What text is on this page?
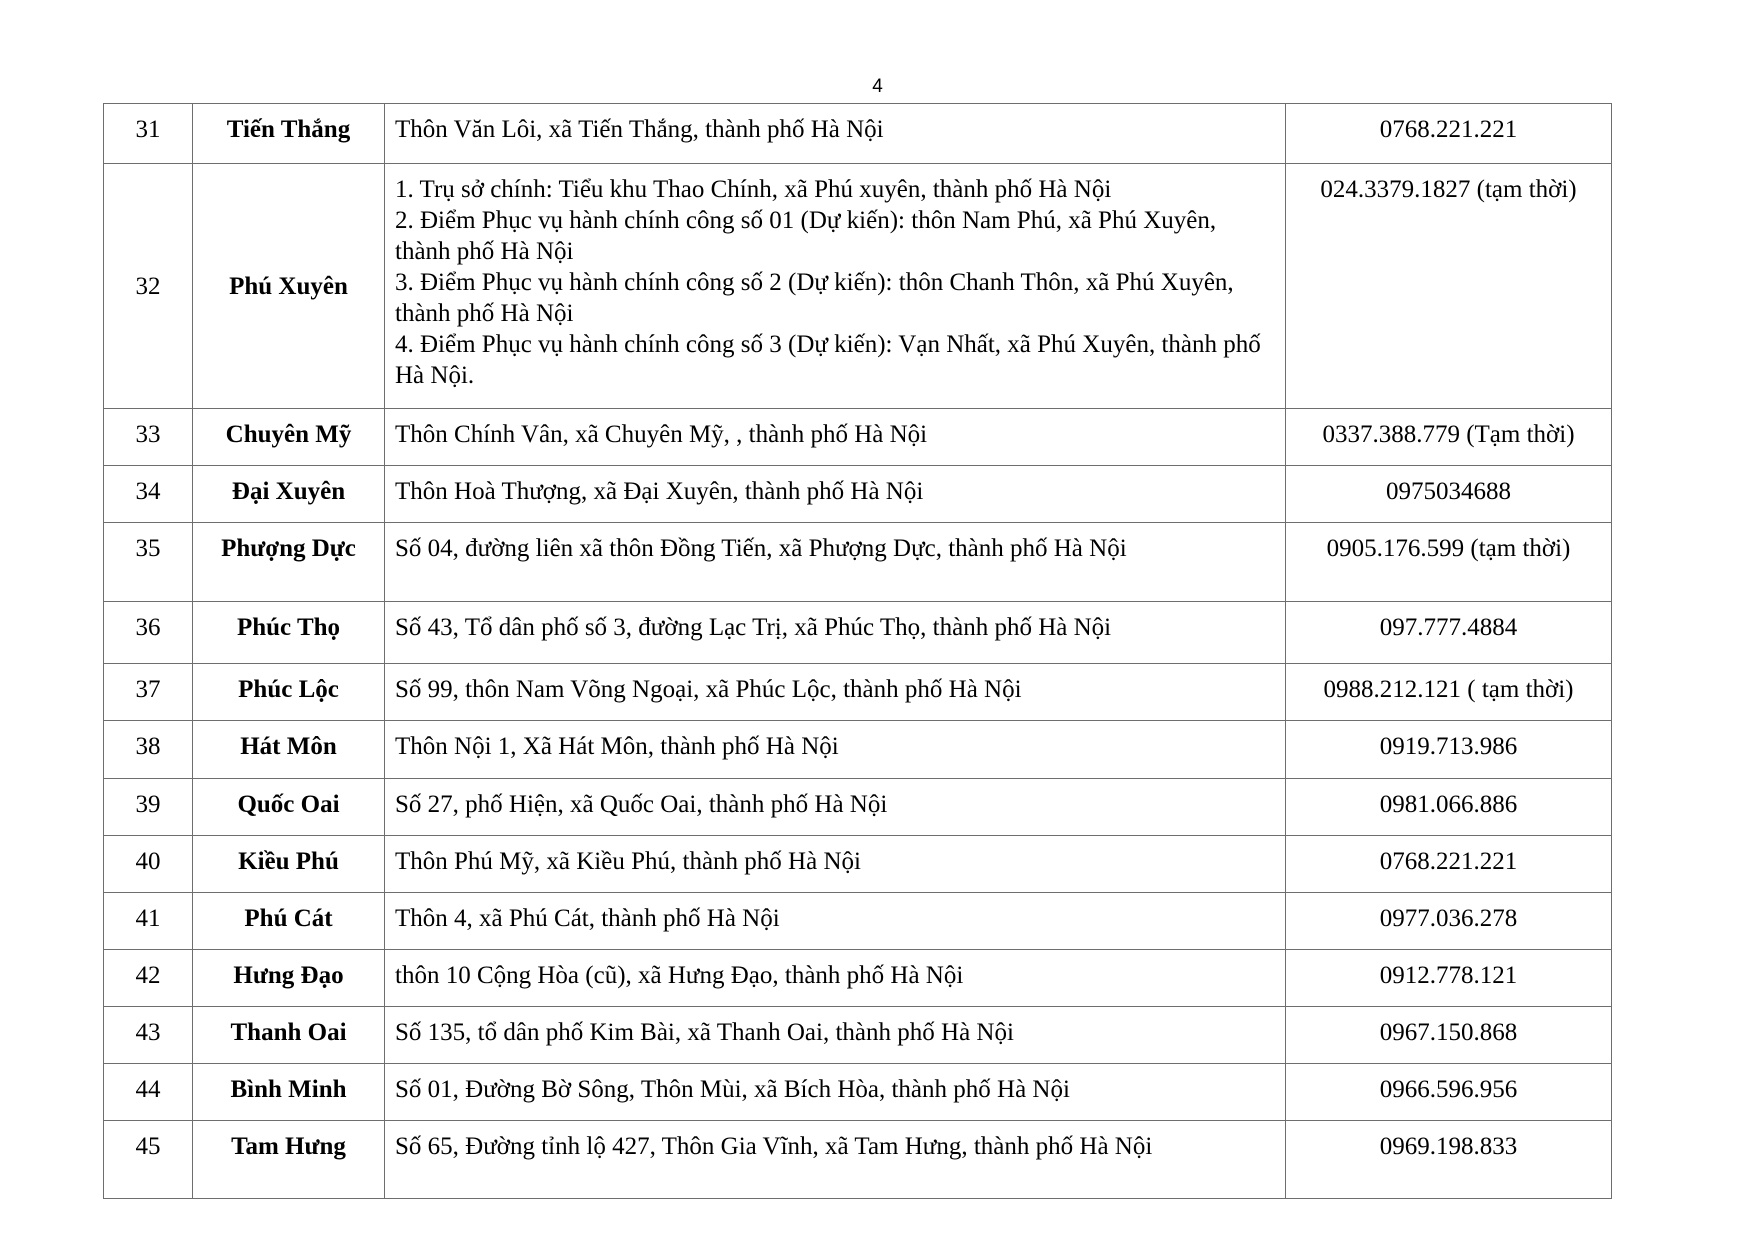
4
31	Tiến Thắng	Thôn Văn Lôi, xã Tiến Thắng, thành phố Hà Nội	0768.221.221
32	Phú Xuyên	1. Trụ sở chính: Tiểu khu Thao Chính, xã Phú xuyên, thành phố Hà Nội
2. Điểm Phục vụ hành chính công số 01 (Dự kiến): thôn Nam Phú, xã Phú Xuyên, thành phố Hà Nội
3. Điểm Phục vụ hành chính công số 2 (Dự kiến): thôn Chanh Thôn, xã Phú Xuyên, thành phố Hà Nội
4. Điểm Phục vụ hành chính công số 3 (Dự kiến): Vạn Nhất, xã Phú Xuyên, thành phố Hà Nội.	024.3379.1827 (tạm thời)
33	Chuyên Mỹ	Thôn Chính Vân, xã Chuyên Mỹ, , thành phố Hà Nội	0337.388.779 (Tạm thời)
34	Đại Xuyên	Thôn Hoà Thượng, xã Đại Xuyên, thành phố Hà Nội	0975034688
35	Phượng Dực	Số 04, đường liên xã thôn Đồng Tiến, xã Phượng Dực, thành phố Hà Nội	0905.176.599 (tạm thời)
36	Phúc Thọ	Số 43, Tổ dân phố số 3, đường Lạc Trị, xã Phúc Thọ, thành phố Hà Nội	097.777.4884
37	Phúc Lộc	Số 99, thôn Nam Võng Ngoại, xã Phúc Lộc, thành phố Hà Nội	0988.212.121 ( tạm thời)
38	Hát Môn	Thôn Nội 1, Xã Hát Môn, thành phố Hà Nội	0919.713.986
39	Quốc Oai	Số 27, phố Hiện, xã Quốc Oai, thành phố Hà Nội	0981.066.886
40	Kiều Phú	Thôn Phú Mỹ, xã Kiều Phú, thành phố Hà Nội	0768.221.221
41	Phú Cát	Thôn 4, xã Phú Cát, thành phố Hà Nội	0977.036.278
42	Hưng Đạo	thôn 10 Cộng Hòa (cũ), xã Hưng Đạo, thành phố Hà Nội	0912.778.121
43	Thanh Oai	Số 135, tổ dân phố Kim Bài, xã Thanh Oai, thành phố Hà Nội	0967.150.868
44	Bình Minh	Số 01, Đường Bờ Sông, Thôn Mùi, xã Bích Hòa, thành phố Hà Nội	0966.596.956
45	Tam Hưng	Số 65, Đường tỉnh lộ 427, Thôn Gia Vĩnh, xã Tam Hưng, thành phố Hà Nội	0969.198.833
